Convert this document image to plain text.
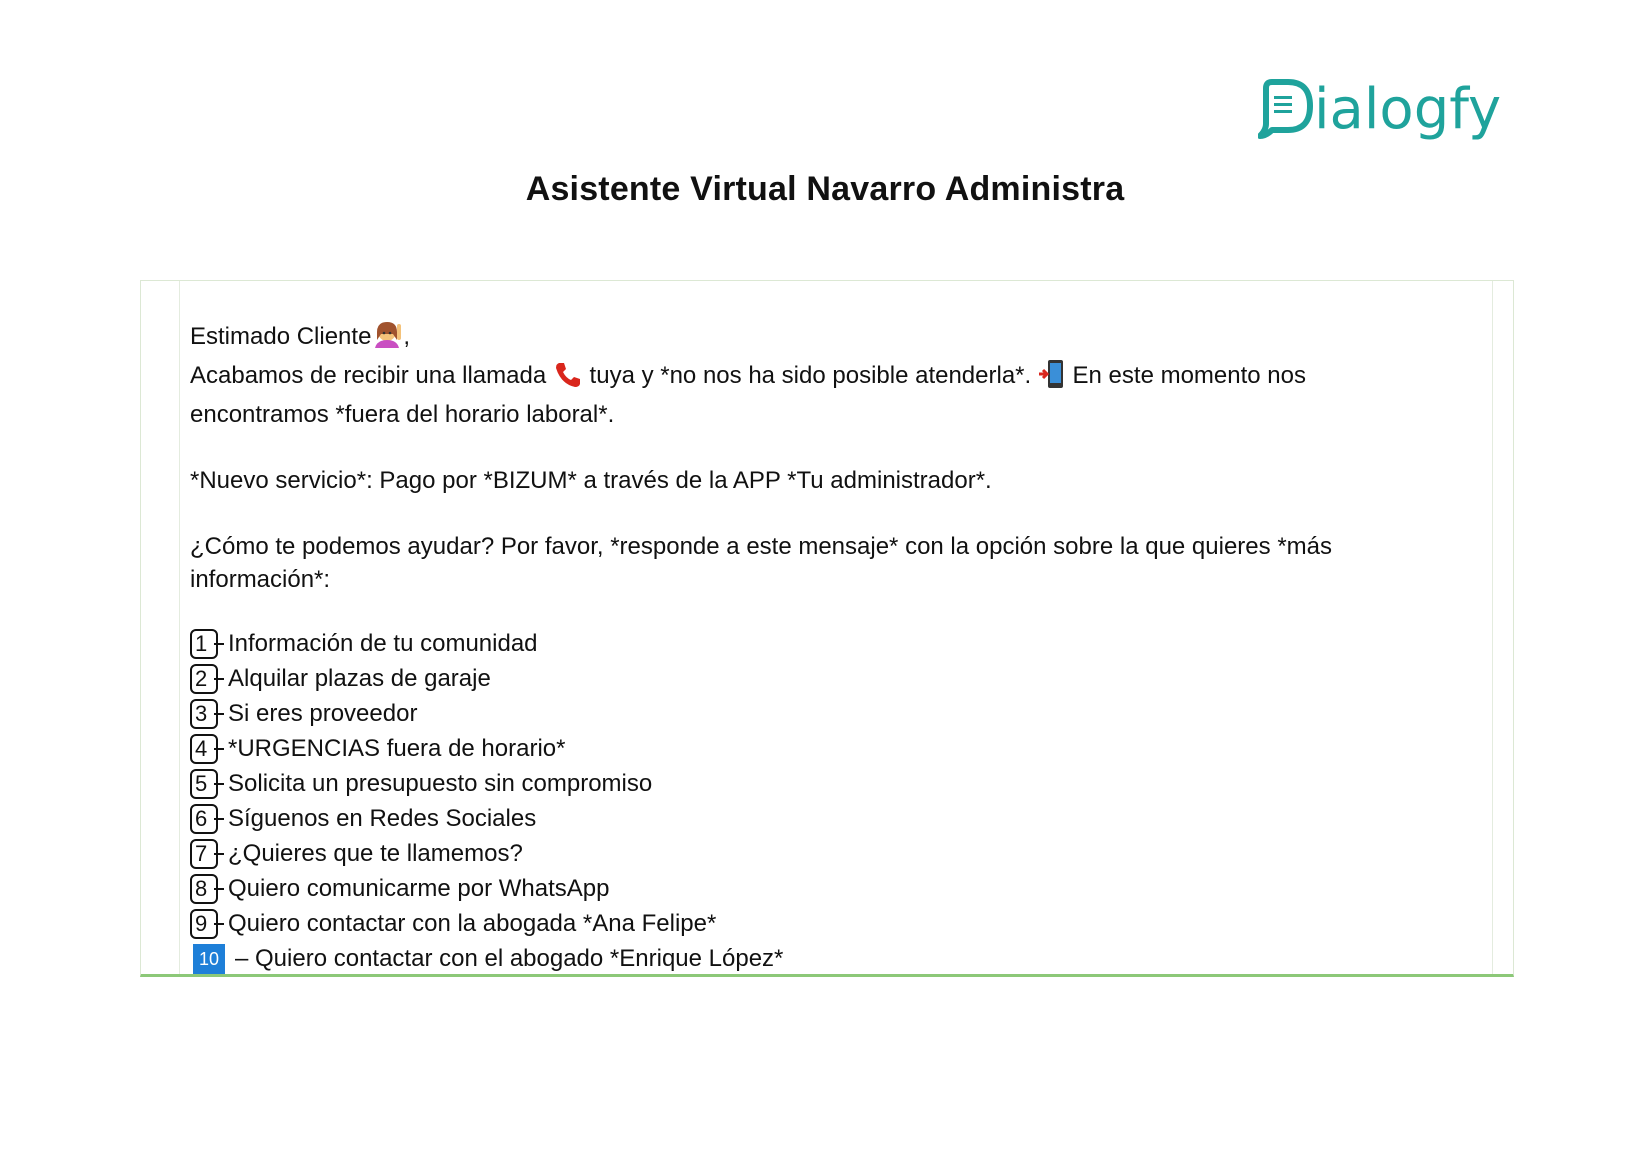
ialogfy
Asistente Virtual Navarro Administra

Estimado Cliente ,

Acabamos de recibir una llamada tuya y *no nos ha sido posible atenderla*. En este momento nos

encontramos *fuera del horario laboral*.

*Nuevo servicio*: Pago por *BIZUM* a través de la APP *Tu administrador*.

¿Cómo te podemos ayudar? Por favor, *responde a este mensaje* con la opción sobre la que quieres *más

información*:

1 Información de tu comunidad
2 Alquilar plazas de garaje
3 Si eres proveedor
4 *URGENCIAS fuera de horario*
5 Solicita un presupuesto sin compromiso
6 Síguenos en Redes Sociales
7 ¿Quieres que te llamemos?
8 Quiero comunicarme por WhatsApp
9 Quiero contactar con la abogada *Ana Felipe*
10 – Quiero contactar con el abogado *Enrique López*
